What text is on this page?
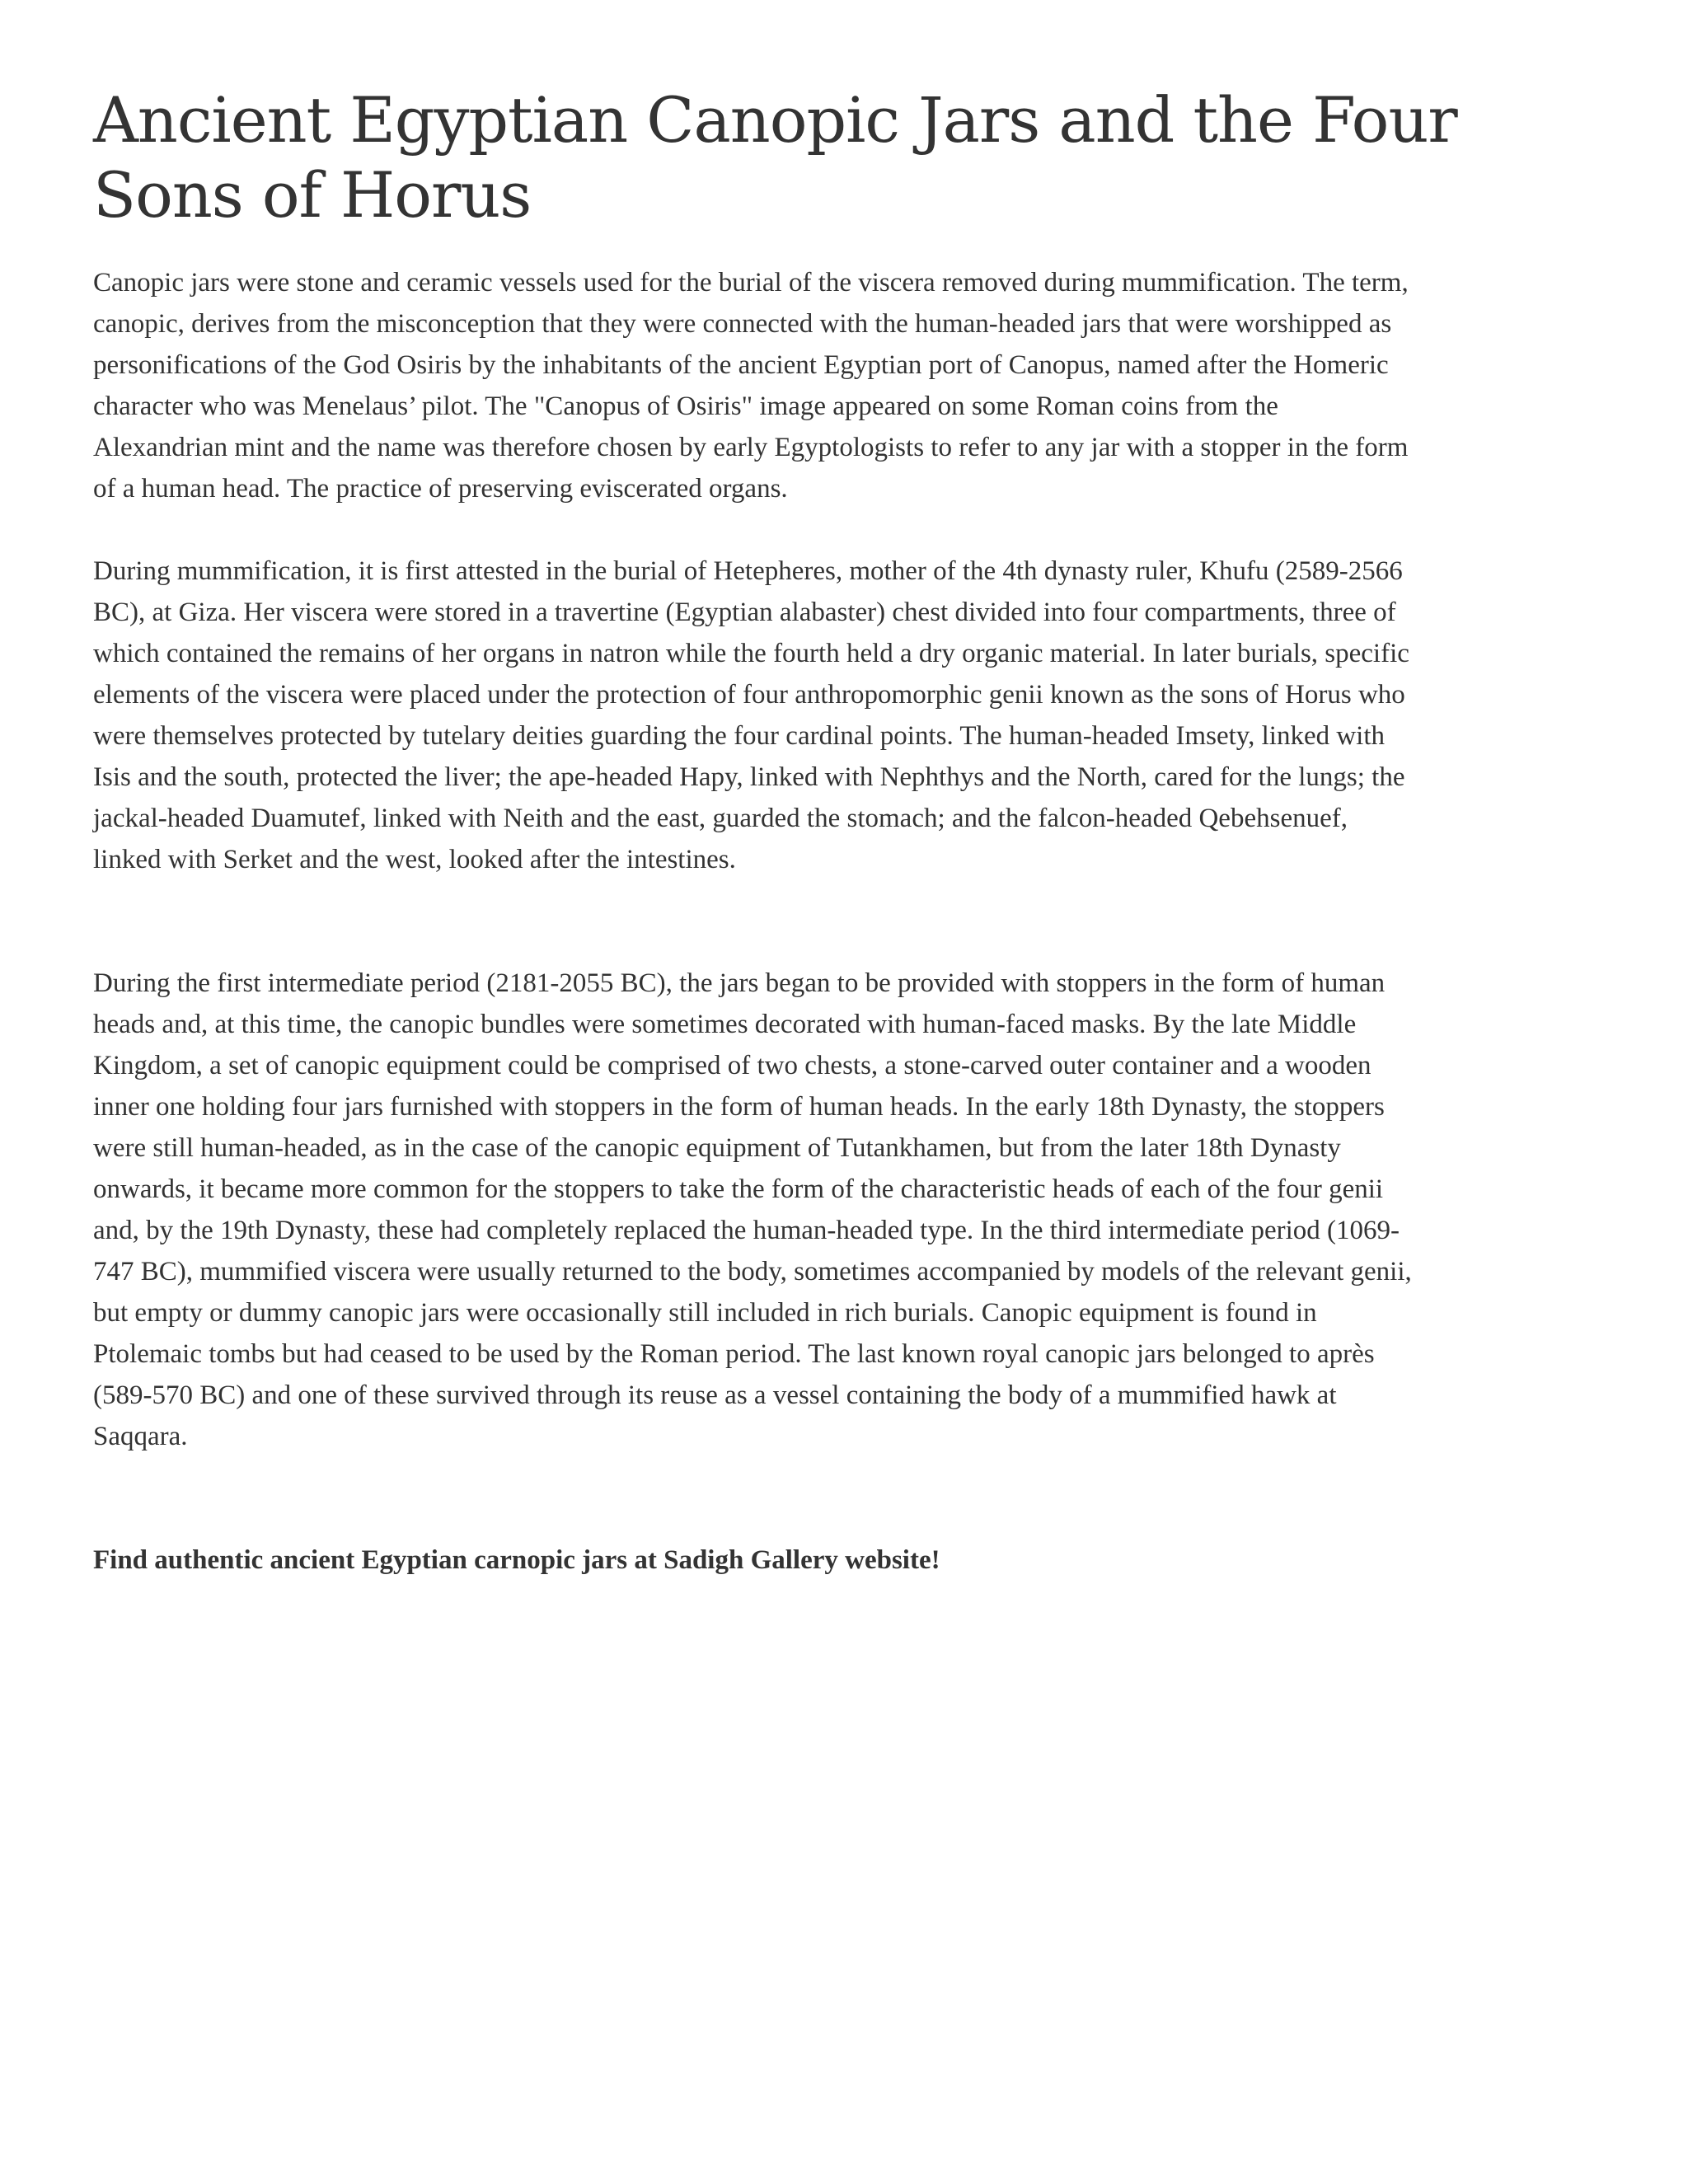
Ancient Egyptian Canopic Jars and the Four Sons of Horus

Canopic jars were stone and ceramic vessels used for the burial of the viscera removed during mummification. The term, canopic, derives from the misconception that they were connected with the human-headed jars that were worshipped as personifications of the God Osiris by the inhabitants of the ancient Egyptian port of Canopus, named after the Homeric character who was Menelaus’ pilot. The "Canopus of Osiris" image appeared on some Roman coins from the Alexandrian mint and the name was therefore chosen by early Egyptologists to refer to any jar with a stopper in the form of a human head. The practice of preserving eviscerated organs.

During mummification, it is first attested in the burial of Hetepheres, mother of the 4th dynasty ruler, Khufu (2589-2566 BC), at Giza. Her viscera were stored in a travertine (Egyptian alabaster) chest divided into four compartments, three of which contained the remains of her organs in natron while the fourth held a dry organic material. In later burials, specific elements of the viscera were placed under the protection of four anthropomorphic genii known as the sons of Horus who were themselves protected by tutelary deities guarding the four cardinal points. The human-headed Imsety, linked with Isis and the south, protected the liver; the ape-headed Hapy, linked with Nephthys and the North, cared for the lungs; the jackal-headed Duamutef, linked with Neith and the east, guarded the stomach; and the falcon-headed Qebehsenuef, linked with Serket and the west, looked after the intestines.

During the first intermediate period (2181-2055 BC), the jars began to be provided with stoppers in the form of human heads and, at this time, the canopic bundles were sometimes decorated with human-faced masks. By the late Middle Kingdom, a set of canopic equipment could be comprised of two chests, a stone-carved outer container and a wooden inner one holding four jars furnished with stoppers in the form of human heads. In the early 18th Dynasty, the stoppers were still human-headed, as in the case of the canopic equipment of Tutankhamen, but from the later 18th Dynasty onwards, it became more common for the stoppers to take the form of the characteristic heads of each of the four genii and, by the 19th Dynasty, these had completely replaced the human-headed type. In the third intermediate period (1069-747 BC), mummified viscera were usually returned to the body, sometimes accompanied by models of the relevant genii, but empty or dummy canopic jars were occasionally still included in rich burials. Canopic equipment is found in Ptolemaic tombs but had ceased to be used by the Roman period. The last known royal canopic jars belonged to après (589-570 BC) and one of these survived through its reuse as a vessel containing the body of a mummified hawk at Saqqara.

Find authentic ancient Egyptian carnopic jars at Sadigh Gallery website!
